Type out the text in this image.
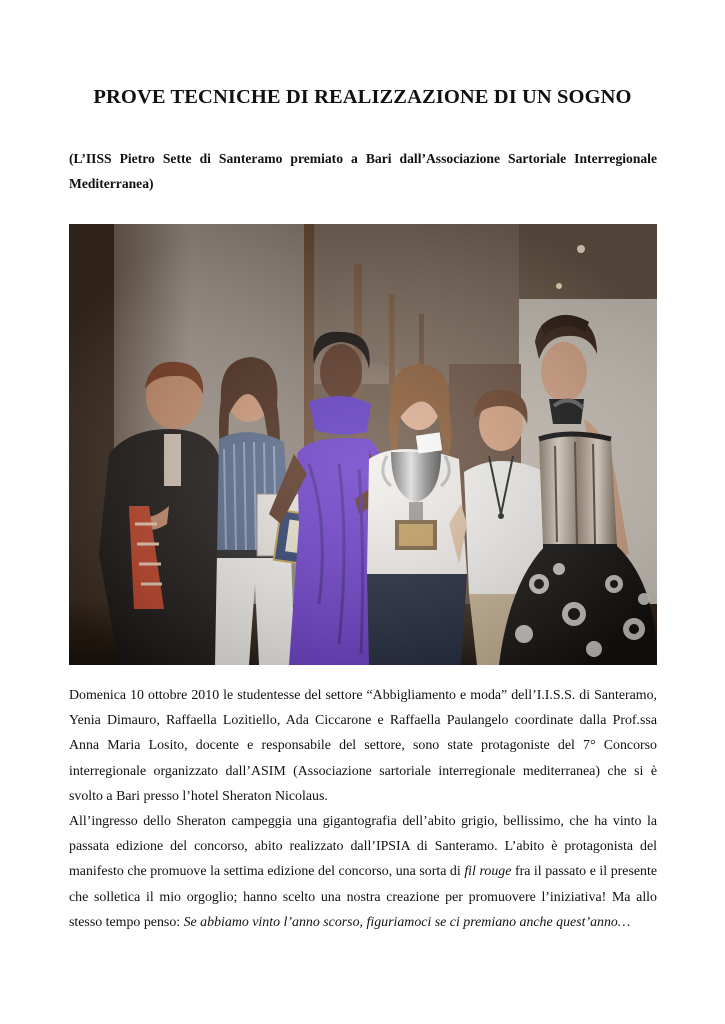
PROVE TECNICHE DI REALIZZAZIONE DI UN SOGNO
(L’IISS Pietro Sette di Santeramo premiato a Bari dall’Associazione Sartoriale Interregionale Mediterranea)

Domenica 10 ottobre 2010 le studentesse del settore “Abbigliamento e moda” dell’I.I.S.S. di Santeramo, Yenia Dimauro, Raffaella Lozitiello, Ada Ciccarone e Raffaella Paulangelo coordinate dalla Prof.ssa Anna Maria Losito, docente e responsabile del settore, sono state protagoniste del 7° Concorso interregionale organizzato dall’ASIM (Associazione sartoriale interregionale mediterranea) che si è svolto a Bari presso l’hotel Sheraton Nicolaus.

All’ingresso dello Sheraton campeggia una gigantografia dell’abito grigio, bellissimo, che ha vinto la passata edizione del concorso, abito realizzato dall’IPSIA di Santeramo. L’abito è protagonista del manifesto che promuove la settima edizione del concorso, una sorta di fil rouge fra il passato e il presente che solletica il mio orgoglio; hanno scelto una nostra creazione per promuovere l’iniziativa! Ma allo stesso tempo penso: Se abbiamo vinto l’anno scorso, figuriamoci se ci premiano anche quest’anno…
